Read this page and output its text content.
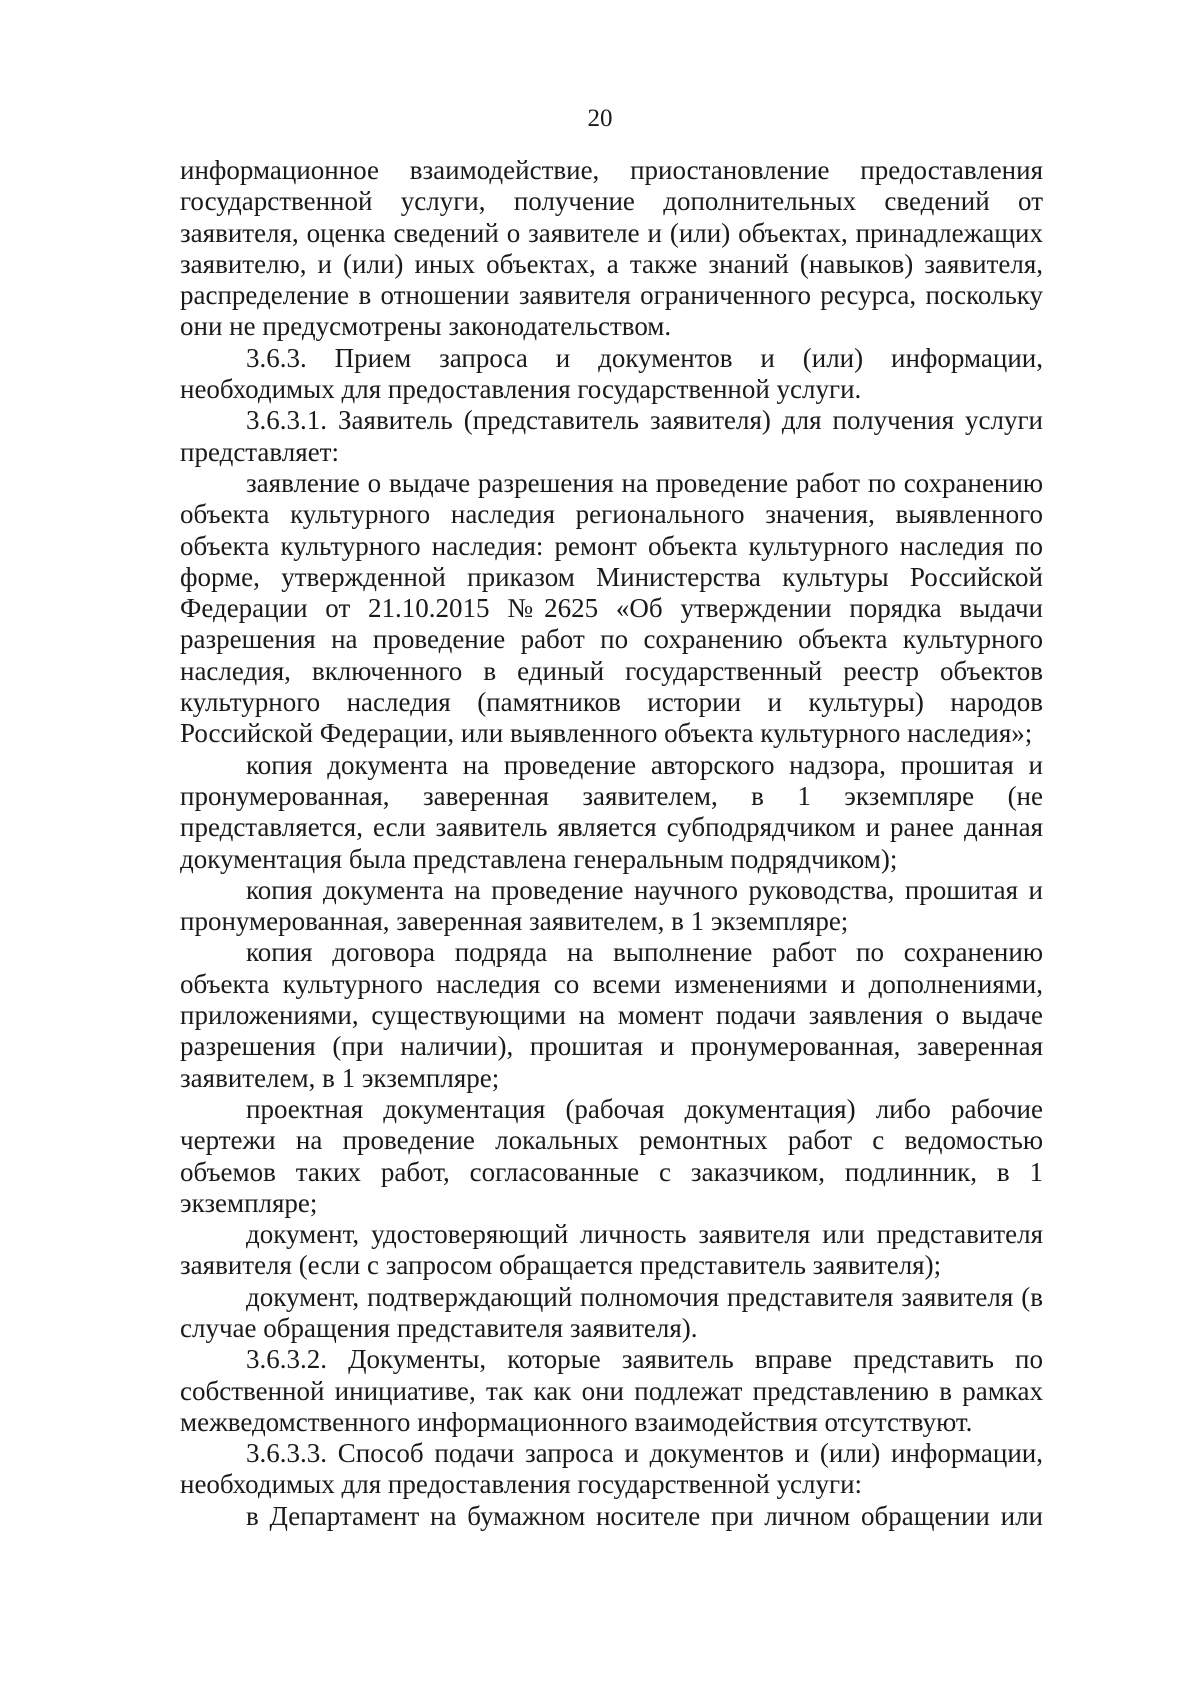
20

информационное взаимодействие, приостановление предоставления государственной услуги, получение дополнительных сведений от заявителя, оценка сведений о заявителе и (или) объектах, принадлежащих заявителю, и (или) иных объектах, а также знаний (навыков) заявителя, распределение в отношении заявителя ограниченного ресурса, поскольку они не предусмотрены законодательством.

3.6.3. Прием запроса и документов и (или) информации, необходимых для предоставления государственной услуги.

3.6.3.1. Заявитель (представитель заявителя) для получения услуги представляет:

заявление о выдаче разрешения на проведение работ по сохранению объекта культурного наследия регионального значения, выявленного объекта культурного наследия: ремонт объекта культурного наследия по форме, утвержденной приказом Министерства культуры Российской Федерации от 21.10.2015 №2625 «Об утверждении порядка выдачи разрешения на проведение работ по сохранению объекта культурного наследия, включенного в единый государственный реестр объектов культурного наследия (памятников истории и культуры) народов Российской Федерации, или выявленного объекта культурного наследия»;

копия документа на проведение авторского надзора, прошитая и пронумерованная, заверенная заявителем, в 1 экземпляре (не представляется, если заявитель является субподрядчиком и ранее данная документация была представлена генеральным подрядчиком);

копия документа на проведение научного руководства, прошитая и пронумерованная, заверенная заявителем, в 1 экземпляре;

копия договора подряда на выполнение работ по сохранению объекта культурного наследия со всеми изменениями и дополнениями, приложениями, существующими на момент подачи заявления о выдаче разрешения (при наличии), прошитая и пронумерованная, заверенная заявителем, в 1 экземпляре;

проектная документация (рабочая документация) либо рабочие чертежи на проведение локальных ремонтных работ с ведомостью объемов таких работ, согласованные с заказчиком, подлинник, в 1 экземпляре;

документ, удостоверяющий личность заявителя или представителя заявителя (если с запросом обращается представитель заявителя);

документ, подтверждающий полномочия представителя заявителя (в случае обращения представителя заявителя).

3.6.3.2. Документы, которые заявитель вправе представить по собственной инициативе, так как они подлежат представлению в рамках межведомственного информационного взаимодействия отсутствуют.

3.6.3.3. Способ подачи запроса и документов и (или) информации, необходимых для предоставления государственной услуги:

в Департамент на бумажном носителе при личном обращении или
